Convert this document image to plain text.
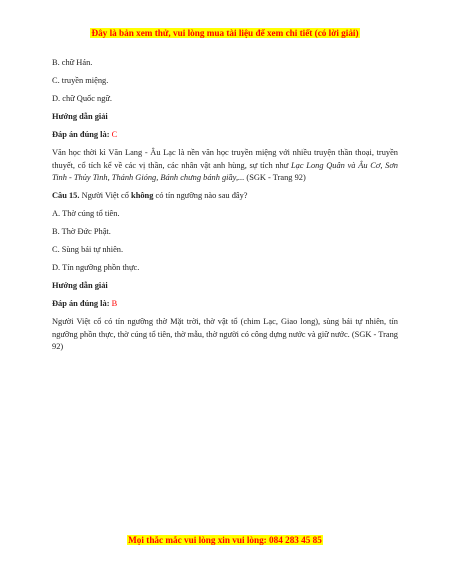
Đây là bản xem thử, vui lòng mua tài liệu để xem chi tiết (có lời giải)
B. chữ Hán.
C. truyền miệng.
D. chữ Quốc ngữ.
Hướng dẫn giải
Đáp án đúng là: C
Văn học thời kì Văn Lang - Âu Lạc là nền văn học truyền miệng với nhiều truyện thần thoại, truyền thuyết, cổ tích kể về các vị thần, các nhân vật anh hùng, sự tích như Lạc Long Quân và Âu Cơ, Sơn Tinh - Thủy Tinh, Thánh Gióng, Bánh chưng bánh giầy,... (SGK - Trang 92)
Câu 15. Người Việt cổ không có tín ngưỡng nào sau đây?
A. Thờ cúng tổ tiên.
B. Thờ Đức Phật.
C. Sùng bái tự nhiên.
D. Tín ngưỡng phồn thực.
Hướng dẫn giải
Đáp án đúng là: B
Người Việt cổ có tín ngưỡng thờ Mặt trời, thờ vật tổ (chim Lạc, Giao long), sùng bái tự nhiên, tín ngưỡng phồn thực, thờ cúng tổ tiên, thờ mẫu, thờ người có công dựng nước và giữ nước. (SGK - Trang 92)
Mọi thắc mắc vui lòng xin vui lòng: 084 283 45 85
